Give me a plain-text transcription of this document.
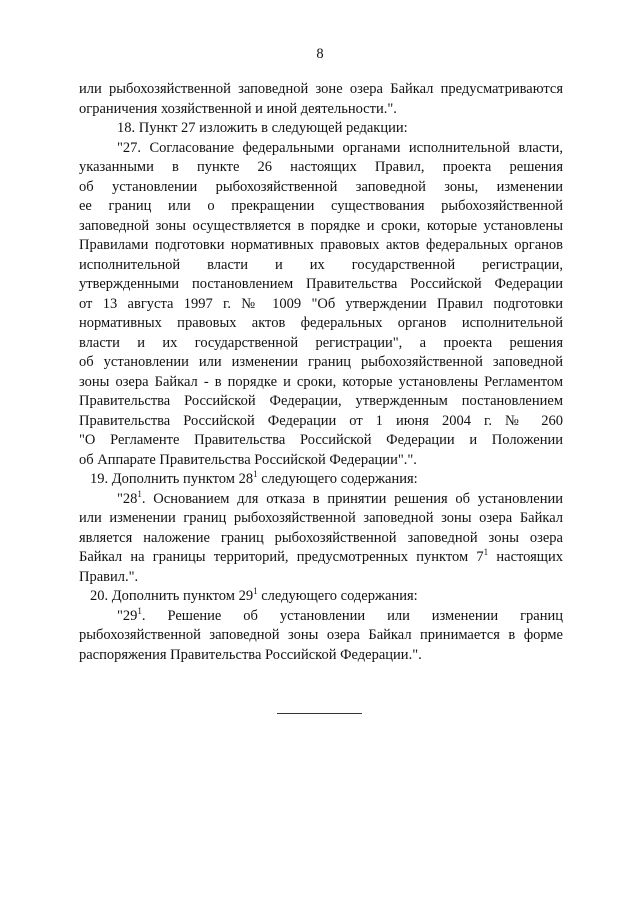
8
или рыбохозяйственной заповедной зоне озера Байкал предусматриваются
ограничения хозяйственной и иной деятельности.".
18. Пункт 27 изложить в следующей редакции:
"27. Согласование федеральными органами исполнительной власти,
указанными в пункте 26 настоящих Правил, проекта решения
об установлении рыбохозяйственной заповедной зоны, изменении
ее границ или о прекращении существования рыбохозяйственной
заповедной зоны осуществляется в порядке и сроки, которые установлены
Правилами подготовки нормативных правовых актов федеральных органов
исполнительной власти и их государственной регистрации,
утвержденными постановлением Правительства Российской Федерации
от 13 августа 1997 г. № 1009 "Об утверждении Правил подготовки
нормативных правовых актов федеральных органов исполнительной
власти и их государственной регистрации", а проекта решения
об установлении или изменении границ рыбохозяйственной заповедной
зоны озера Байкал - в порядке и сроки, которые установлены Регламентом
Правительства Российской Федерации, утвержденным постановлением
Правительства Российской Федерации от 1 июня 2004 г. № 260
"О Регламенте Правительства Российской Федерации и Положении
об Аппарате Правительства Российской Федерации".".
19. Дополнить пунктом $28^1$ следующего содержания:
"$28^1$. Основанием для отказа в принятии решения об установлении
или изменении границ рыбохозяйственной заповедной зоны озера Байкал
является наложение границ рыбохозяйственной заповедной зоны озера
Байкал на границы территорий, предусмотренных пунктом $7^1$ настоящих
Правил.".
20. Дополнить пунктом $29^1$ следующего содержания:
"$29^1$. Решение об установлении или изменении границ
рыбохозяйственной заповедной зоны озера Байкал принимается в форме
распоряжения Правительства Российской Федерации.".
